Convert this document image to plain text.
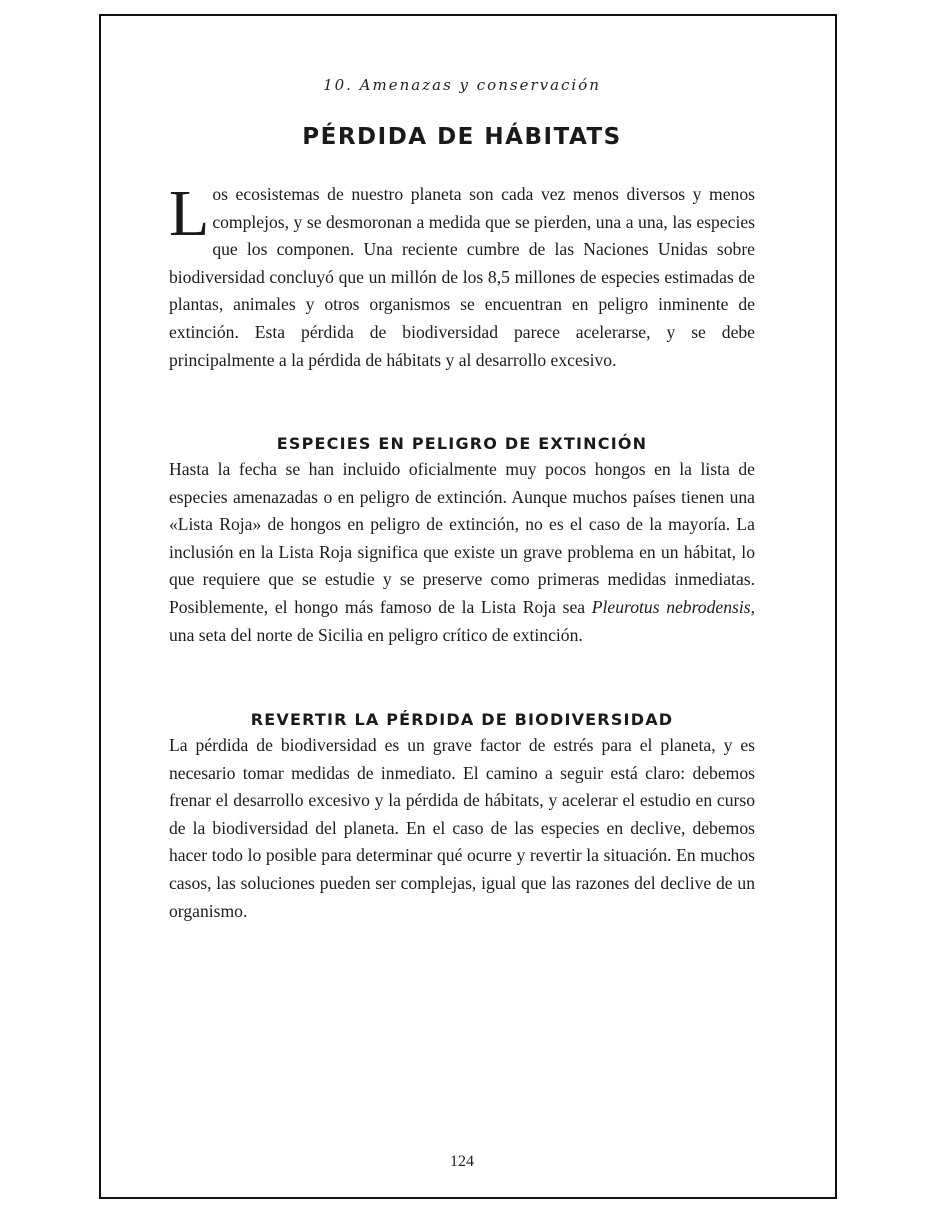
10. Amenazas y conservación
PÉRDIDA DE HÁBITATS

Los ecosistemas de nuestro planeta son cada vez menos diversos y menos complejos, y se desmoronan a medida que se pierden, una a una, las especies que los componen. Una reciente cumbre de las Naciones Unidas sobre biodiversidad concluyó que un millón de los 8,5 millones de especies estimadas de plantas, animales y otros organismos se encuentran en peligro inminente de extinción. Esta pérdida de biodiversidad parece acelerarse, y se debe principalmente a la pérdida de hábitats y al desarrollo excesivo.

ESPECIES EN PELIGRO DE EXTINCIÓN

Hasta la fecha se han incluido oficialmente muy pocos hongos en la lista de especies amenazadas o en peligro de extinción. Aunque muchos países tienen una «Lista Roja» de hongos en peligro de extinción, no es el caso de la mayoría. La inclusión en la Lista Roja significa que existe un grave problema en un hábitat, lo que requiere que se estudie y se preserve como primeras medidas inmediatas. Posiblemente, el hongo más famoso de la Lista Roja sea Pleurotus nebrodensis, una seta del norte de Sicilia en peligro crítico de extinción.

REVERTIR LA PÉRDIDA DE BIODIVERSIDAD

La pérdida de biodiversidad es un grave factor de estrés para el planeta, y es necesario tomar medidas de inmediato. El camino a seguir está claro: debemos frenar el desarrollo excesivo y la pérdida de hábitats, y acelerar el estudio en curso de la biodiversidad del planeta. En el caso de las especies en declive, debemos hacer todo lo posible para determinar qué ocurre y revertir la situación. En muchos casos, las soluciones pueden ser complejas, igual que las razones del declive de un organismo.

124
